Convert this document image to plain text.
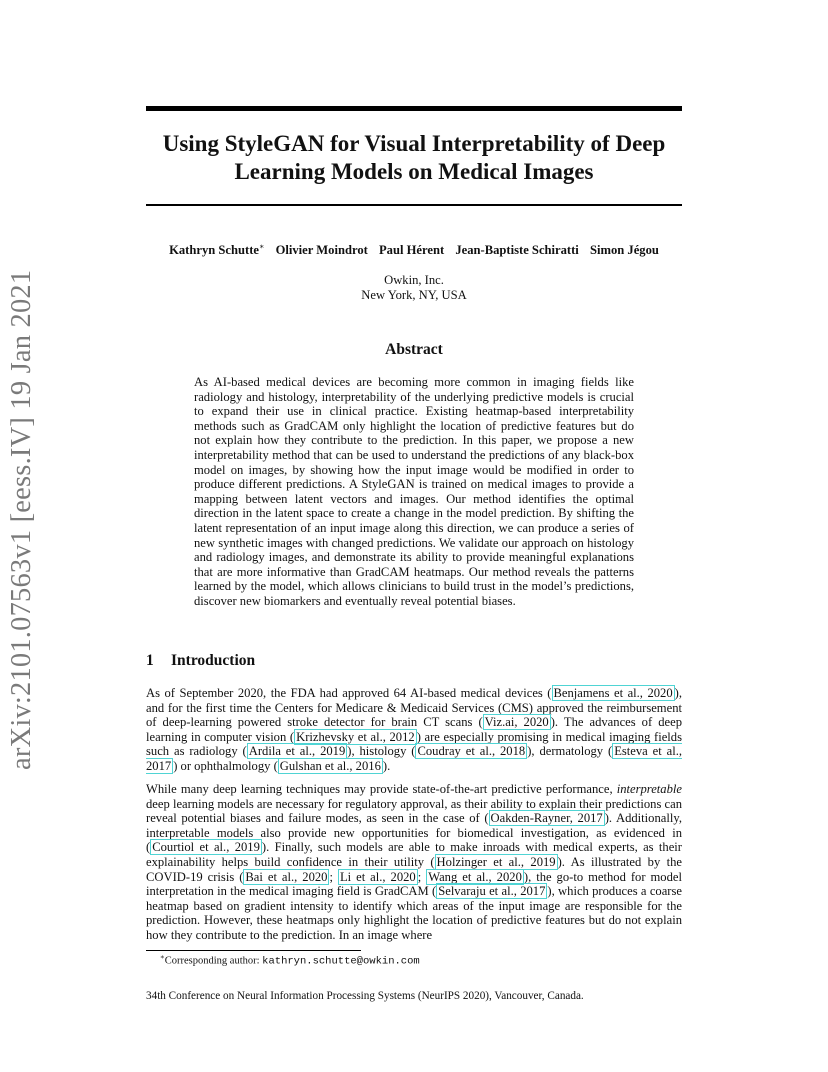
arXiv:2101.07563v1 [eess.IV] 19 Jan 2021
Using StyleGAN for Visual Interpretability of Deep Learning Models on Medical Images
Kathryn Schutte∗ Olivier Moindrot Paul Hérent Jean-Baptiste Schiratti Simon Jégou
Owkin, Inc.
New York, NY, USA
Abstract
As AI-based medical devices are becoming more common in imaging fields like radiology and histology, interpretability of the underlying predictive models is crucial to expand their use in clinical practice. Existing heatmap-based interpretability methods such as GradCAM only highlight the location of predictive features but do not explain how they contribute to the prediction. In this paper, we propose a new interpretability method that can be used to understand the predictions of any black-box model on images, by showing how the input image would be modified in order to produce different predictions. A StyleGAN is trained on medical images to provide a mapping between latent vectors and images. Our method identifies the optimal direction in the latent space to create a change in the model prediction. By shifting the latent representation of an input image along this direction, we can produce a series of new synthetic images with changed predictions. We validate our approach on histology and radiology images, and demonstrate its ability to provide meaningful explanations that are more informative than GradCAM heatmaps. Our method reveals the patterns learned by the model, which allows clinicians to build trust in the model’s predictions, discover new biomarkers and eventually reveal potential biases.
1 Introduction
As of September 2020, the FDA had approved 64 AI-based medical devices ( Benjamens et al., 2020 ), and for the first time the Centers for Medicare & Medicaid Services (CMS) approved the reimbursement of deep-learning powered stroke detector for brain CT scans ( Viz.ai, 2020 ). The advances of deep learning in computer vision ( Krizhevsky et al., 2012 ) are especially promising in medical imaging fields such as radiology ( Ardila et al., 2019 ), histology ( Coudray et al., 2018 ), dermatology ( Esteva et al., 2017 ) or ophthalmology ( Gulshan et al., 2016 ).
While many deep learning techniques may provide state-of-the-art predictive performance, interpretable deep learning models are necessary for regulatory approval, as their ability to explain their predictions can reveal potential biases and failure modes, as seen in the case of ( Oakden-Rayner, 2017 ). Additionally, interpretable models also provide new opportunities for biomedical investigation, as evidenced in ( Courtiol et al., 2019 ). Finally, such models are able to make inroads with medical experts, as their explainability helps build confidence in their utility ( Holzinger et al., 2019 ). As illustrated by the COVID-19 crisis ( Bai et al., 2020 ; Li et al., 2020 ; Wang et al., 2020 ), the go-to method for model interpretation in the medical imaging field is GradCAM ( Selvaraju et al., 2017 ), which produces a coarse heatmap based on gradient intensity to identify which areas of the input image are responsible for the prediction. However, these heatmaps only highlight the location of predictive features but do not explain how they contribute to the prediction. In an image where
∗Corresponding author: kathryn.schutte@owkin.com
34th Conference on Neural Information Processing Systems (NeurIPS 2020), Vancouver, Canada.
